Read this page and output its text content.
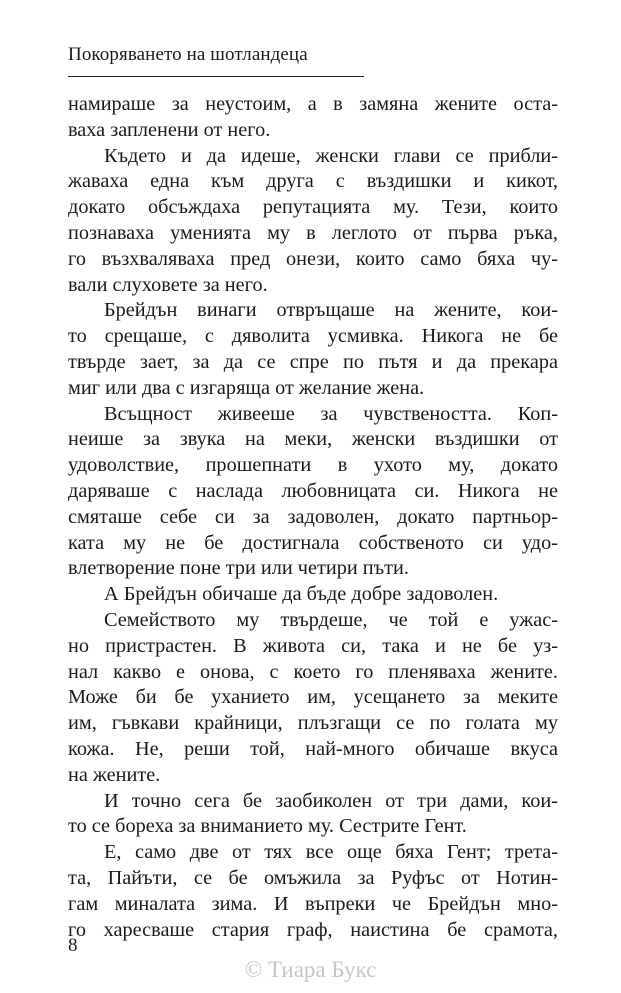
Покоряването на шотландеца
намираше за неустоим, а в замяна жените оста-
ваха запленени от него.
Където и да идеше, женски глави се прибли-
жаваха една към друга с въздишки и кикот,
докато обсъждаха репутацията му. Тези, които
познаваха уменията му в леглото от първа ръка,
го възхваляваха пред онези, които само бяха чу-
вали слуховете за него.
Брейдън винаги отвръщаше на жените, кои-
то срещаше, с дяволита усмивка. Никога не бе
твърде зает, за да се спре по пътя и да прекара
миг или два с изгаряща от желание жена.
Всъщност живееше за чувствеността. Коп-
неише за звука на меки, женски въздишки от
удоволствие, прошепнати в ухото му, докато
даряваше с наслада любовницата си. Никога не
смяташе себе си за задоволен, докато партньор-
ката му не бе достигнала собственото си удо-
влетворение поне три или четири пъти.
А Брейдън обичаше да бъде добре задоволен.
Семейството му твърдеше, че той е ужас-
но пристрастен. В живота си, така и не бе уз-
нал какво е онова, с което го пленяваха жените.
Може би бе уханието им, усещането за меките
им, гъвкави крайници, плъзгащи се по голата му
кожа. Не, реши той, най-много обичаше вкуса
на жените.
И точно сега бе заобиколен от три дами, кои-
то се бореха за вниманието му. Сестрите Гент.
Е, само две от тях все още бяха Гент; трета-
та, Пайъти, се бе омъжила за Руфъс от Нотин-
гам миналата зима. И въпреки че Брейдън мно-
го харесваше стария граф, наистина бе срамота,
8
© Тиара Букс
